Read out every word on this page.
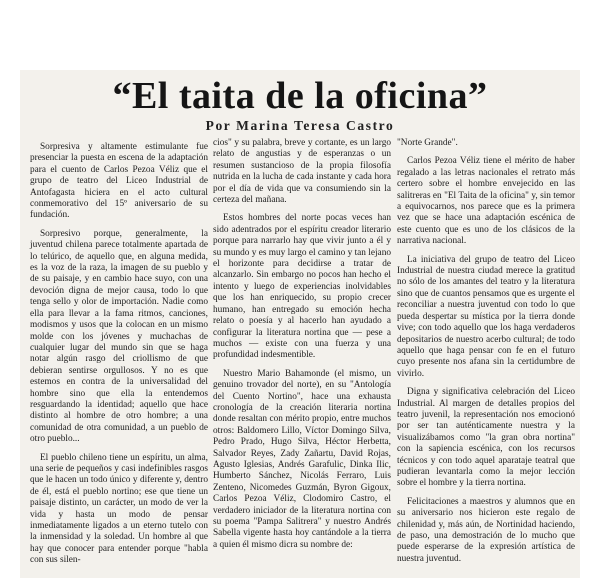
“El taita de la oficina”
Por Marina Teresa Castro

Sorpresiva y altamente estimulante fue presenciar la puesta en escena de la adaptación para el cuento de Carlos Pezoa Véliz que el grupo de teatro del Liceo Industrial de Antofagasta hiciera en el acto cultural conmemorativo del 15º aniversario de su fundación.

Sorpresivo porque, generalmente, la juventud chilena parece totalmente apartada de lo telúrico, de aquello que, en alguna medida, es la voz de la raza, la imagen de su pueblo y de su paisaje, y en cambio hace suyo, con una devoción digna de mejor causa, todo lo que tenga sello y olor de importación. Nadie como ella para llevar a la fama ritmos, canciones, modismos y usos que la colocan en un mismo molde con los jóvenes y muchachas de cualquier lugar del mundo sin que se haga notar algún rasgo del criollismo de que debieran sentirse orgullosos. Y no es que estemos en contra de la universalidad del hombre sino que ella la entendemos resguardando la identidad; aquello que hace distinto al hombre de otro hombre; a una comunidad de otra comunidad, a un pueblo de otro pueblo...

El pueblo chileno tiene un espíritu, un alma, una serie de pequeños y casi indefinibles rasgos que le hacen un todo único y diferente y, dentro de él, está el pueblo nortino; ese que tiene un paisaje distinto, un carácter, un modo de ver la vida y hasta un modo de pensar inmediatamente ligados a un eterno tutelo con la inmensidad y la soledad. Un hombre al que hay que conocer para entender porque "habla con sus silen-

cios" y su palabra, breve y cortante, es un largo relato de angustias y de esperanzas o un resumen sustancioso de la propia filosofía nutrida en la lucha de cada instante y cada hora por el día de vida que va consumiendo sin la certeza del mañana.

Estos hombres del norte pocas veces han sido adentrados por el espíritu creador literario porque para narrarlo hay que vivir junto a él y su mundo y es muy largo el camino y tan lejano el horizonte para decidirse a tratar de alcanzarlo. Sin embargo no pocos han hecho el intento y luego de experiencias inolvidables que los han enriquecido, su propio crecer humano, han entregado su emoción hecha relato o poesía y al hacerlo han ayudado a configurar la literatura nortina que — pese a muchos — existe con una fuerza y una profundidad indesmentible.

Nuestro Mario Bahamonde (el mismo, un genuino trovador del norte), en su "Antología del Cuento Nortino", hace una exhausta cronología de la creación literaria nortina donde resaltan con mérito propio, entre muchos otros: Baldomero Lillo, Víctor Domingo Silva, Pedro Prado, Hugo Silva, Héctor Herbetta, Salvador Reyes, Zady Zañartu, David Rojas, Agusto Iglesias, Andrés Garafulic, Dinka Ilic, Humberto Sánchez, Nicolás Ferraro, Luis Zenteno, Nicomedes Guzmán, Byron Gigoux, Carlos Pezoa Véliz, Clodomiro Castro, el verdadero iniciador de la literatura nortina con su poema "Pampa Salitrera" y nuestro Andrés Sabella vigente hasta hoy cantándole a la tierra a quien él mismo dicra su nombre de:

"Norte Grande".

Carlos Pezoa Véliz tiene el mérito de haber regalado a las letras nacionales el retrato más certero sobre el hombre envejecido en las salitreras en "El Taita de la oficina" y, sin temor a equivocarnos, nos parece que es la primera vez que se hace una adaptación escénica de este cuento que es uno de los clásicos de la narrativa nacional.

La iniciativa del grupo de teatro del Liceo Industrial de nuestra ciudad merece la gratitud no sólo de los amantes del teatro y la literatura sino que de cuantos pensamos que es urgente el reconciliar a nuestra juventud con todo lo que pueda despertar su mística por la tierra donde vive; con todo aquello que los haga verdaderos depositarios de nuestro acerbo cultural; de todo aquello que haga pensar con fe en el futuro cuyo presente nos afana sin la certidumbre de vivirlo.

Digna y significativa celebración del Liceo Industrial. Al margen de detalles propios del teatro juvenil, la representación nos emocionó por ser tan auténticamente nuestra y la visualizábamos como "la gran obra nortina" con la sapiencia escénica, con los recursos técnicos y con todo aquel aparataje teatral que pudieran levantarla como la mejor lección sobre el hombre y la tierra nortina.

Felicitaciones a maestros y alumnos que en su aniversario nos hicieron este regalo de chilenidad y, más aún, de Nortinidad haciendo, de paso, una demostración de lo mucho que puede esperarse de la expresión artística de nuestra juventud.
